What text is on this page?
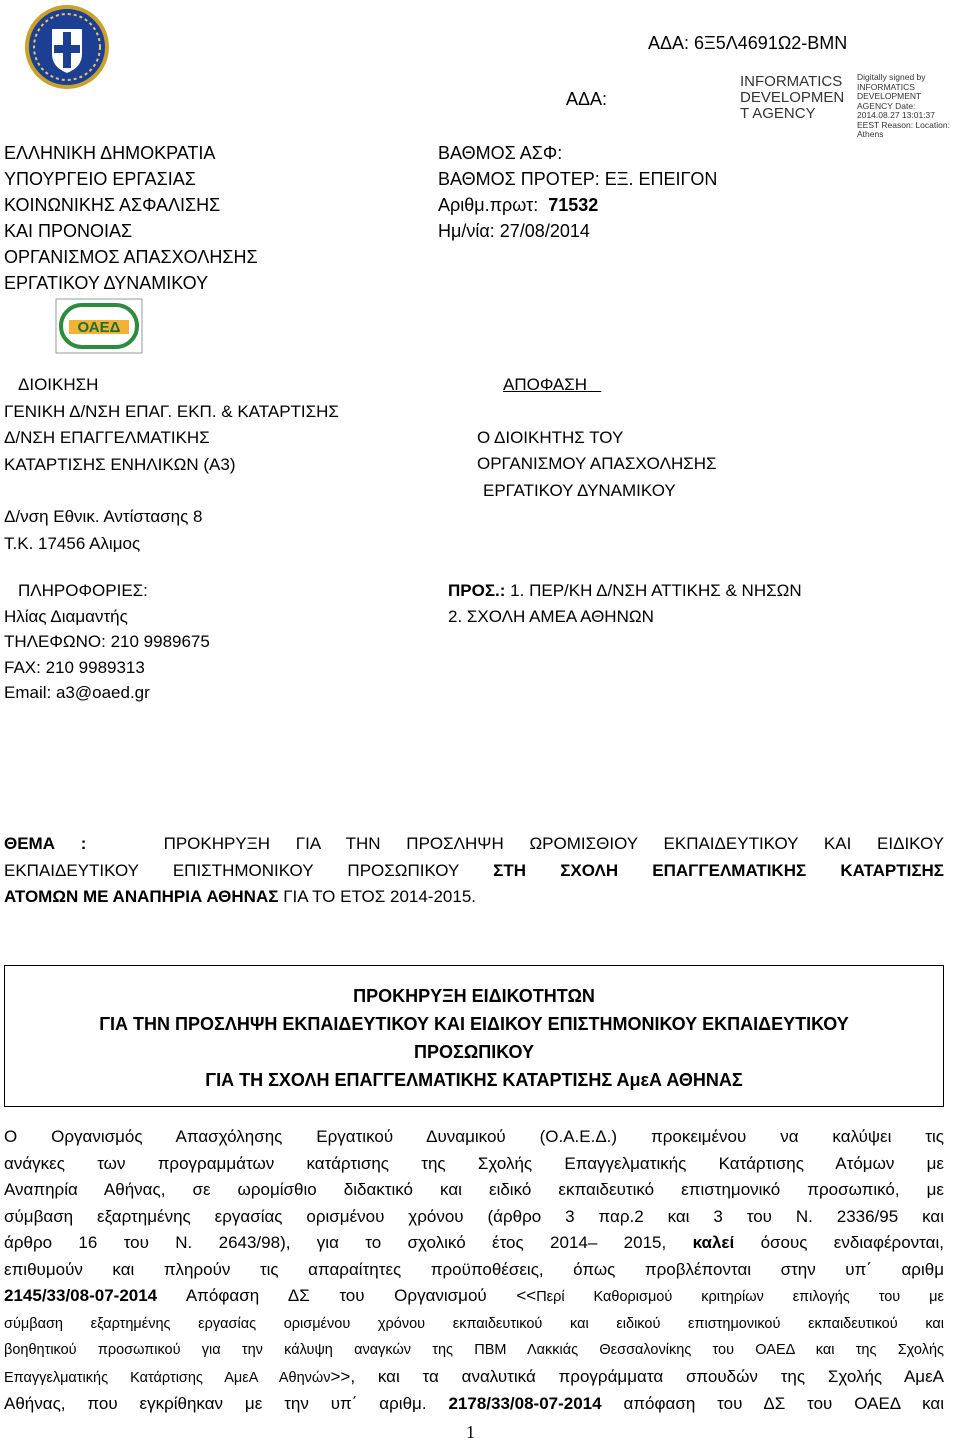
ΑΔΑ: 6Ξ5Λ4691Ω2-ΒΜΝ
ΑΔΑ:
INFORMATICS DEVELOPMEN T AGENCY
Digitally signed by INFORMATICS DEVELOPMENT AGENCY Date: 2014.08.27 13:01:37 EEST Reason: Location: Athens
ΕΛΛΗΝΙΚΗ ΔΗΜΟΚΡΑΤΙΑ
ΥΠΟΥΡΓΕΙΟ ΕΡΓΑΣΙΑΣ
ΚΟΙΝΩΝΙΚΗΣ ΑΣΦΑΛΙΣΗΣ
ΚΑΙ ΠΡΟΝΟΙΑΣ
ΟΡΓΑΝΙΣΜΟΣ ΑΠΑΣΧΟΛΗΣΗΣ
ΕΡΓΑΤΙΚΟΥ ΔΥΝΑΜΙΚΟΥ
ΒΑΘΜΟΣ ΑΣΦ:
ΒΑΘΜΟΣ ΠΡΟΤΕΡ: ΕΞ. ΕΠΕΙΓΟΝ
Αριθμ.πρωτ: 71532
Ημ/νία: 27/08/2014
ΟΑΕΔ
ΔΙΟΙΚΗΣΗ
ΓΕΝΙΚΗ Δ/ΝΣΗ ΕΠΑΓ. ΕΚΠ. & ΚΑΤΑΡΤΙΣΗΣ
Δ/ΝΣΗ ΕΠΑΓΓΕΛΜΑΤΙΚΗΣ
ΚΑΤΑΡΤΙΣΗΣ ΕΝΗΛΙΚΩΝ (Α3)
Δ/νση Εθνικ. Αντίστασης 8
Τ.Κ. 17456 Αλιμος
ΑΠΟΦΑΣΗ
Ο ΔΙΟΙΚΗΤΗΣ ΤΟΥ
ΟΡΓΑΝΙΣΜΟΥ ΑΠΑΣΧΟΛΗΣΗΣ
ΕΡΓΑΤΙΚΟΥ ΔΥΝΑΜΙΚΟΥ
ΠΛΗΡΟΦΟΡΙΕΣ:
Ηλίας Διαμαντής
ΤΗΛΕΦΩΝΟ: 210 9989675
FAX: 210 9989313
Email: a3@oaed.gr
ΠΡΟΣ.: 1. ΠΕΡ/ΚΗ Δ/ΝΣΗ ΑΤΤΙΚΗΣ & ΝΗΣΩΝ
2. ΣΧΟΛΗ ΑΜΕΑ ΑΘΗΝΩΝ
ΘΕΜΑ :	ΠΡΟΚΗΡΥΞΗ ΓΙΑ ΤΗΝ ΠΡΟΣΛΗΨΗ ΩΡΟΜΙΣΘΙΟΥ ΕΚΠΑΙΔΕΥΤΙΚΟΥ ΚΑΙ ΕΙΔΙΚΟΥ
ΕΚΠΑΙΔΕΥΤΙΚΟΥ ΕΠΙΣΤΗΜΟΝΙΚΟΥ ΠΡΟΣΩΠΙΚΟΥ ΣΤΗ ΣΧΟΛΗ ΕΠΑΓΓΕΛΜΑΤΙΚΗΣ ΚΑΤΑΡΤΙΣΗΣ
ΑΤΟΜΩΝ ΜΕ ΑΝΑΠΗΡΙΑ ΑΘΗΝΑΣ ΓΙΑ ΤΟ ΕΤΟΣ 2014-2015.
ΠΡΟΚΗΡΥΞΗ ΕΙΔΙΚΟΤΗΤΩΝ
ΓΙΑ ΤΗΝ ΠΡΟΣΛΗΨΗ ΕΚΠΑΙΔΕΥΤΙΚΟΥ ΚΑΙ ΕΙΔΙΚΟΥ ΕΠΙΣΤΗΜΟΝΙΚΟΥ ΕΚΠΑΙΔΕΥΤΙΚΟΥ
ΠΡΟΣΩΠΙΚΟΥ
ΓΙΑ ΤΗ ΣΧΟΛΗ ΕΠΑΓΓΕΛΜΑΤΙΚΗΣ ΚΑΤΑΡΤΙΣΗΣ ΑμεΑ ΑΘΗΝΑΣ
Ο Οργανισμός Απασχόλησης Εργατικού Δυναμικού (Ο.Α.Ε.Δ.) προκειμένου να καλύψει τις
ανάγκες των προγραμμάτων κατάρτισης της Σχολής Επαγγελματικής Κατάρτισης Ατόμων με
Αναπηρία Αθήνας, σε ωρομίσθιο διδακτικό και ειδικό εκπαιδευτικό επιστημονικό προσωπικό, με
σύμβαση εξαρτημένης εργασίας ορισμένου χρόνου (άρθρο 3 παρ.2 και 3 του Ν. 2336/95 και
άρθρο 16 του Ν. 2643/98), για το σχολικό έτος 2014– 2015, καλεί όσους ενδιαφέρονται,
επιθυμούν και πληρούν τις απαραίτητες προϋποθέσεις, όπως προβλέπονται στην υπ΄ αριθμ
2145/33/08-07-2014 Απόφαση ΔΣ του Οργανισμού <<Περί Καθορισμού κριτηρίων επιλογής του με
σύμβαση εξαρτημένης εργασίας ορισμένου χρόνου εκπαιδευτικού και ειδικού επιστημονικού εκπαιδευτικού και
βοηθητικού προσωπικού για την κάλυψη αναγκών της ΠΒΜ Λακκιάς Θεσσαλονίκης του ΟΑΕΔ και της Σχολής
Επαγγελματικής Κατάρτισης ΑμεΑ Αθηνών>>, και τα αναλυτικά προγράμματα σπουδών της Σχολής ΑμεΑ
Αθήνας, που εγκρίθηκαν με την υπ΄ αριθμ. 2178/33/08-07-2014 απόφαση του ΔΣ του ΟΑΕΔ και
1
